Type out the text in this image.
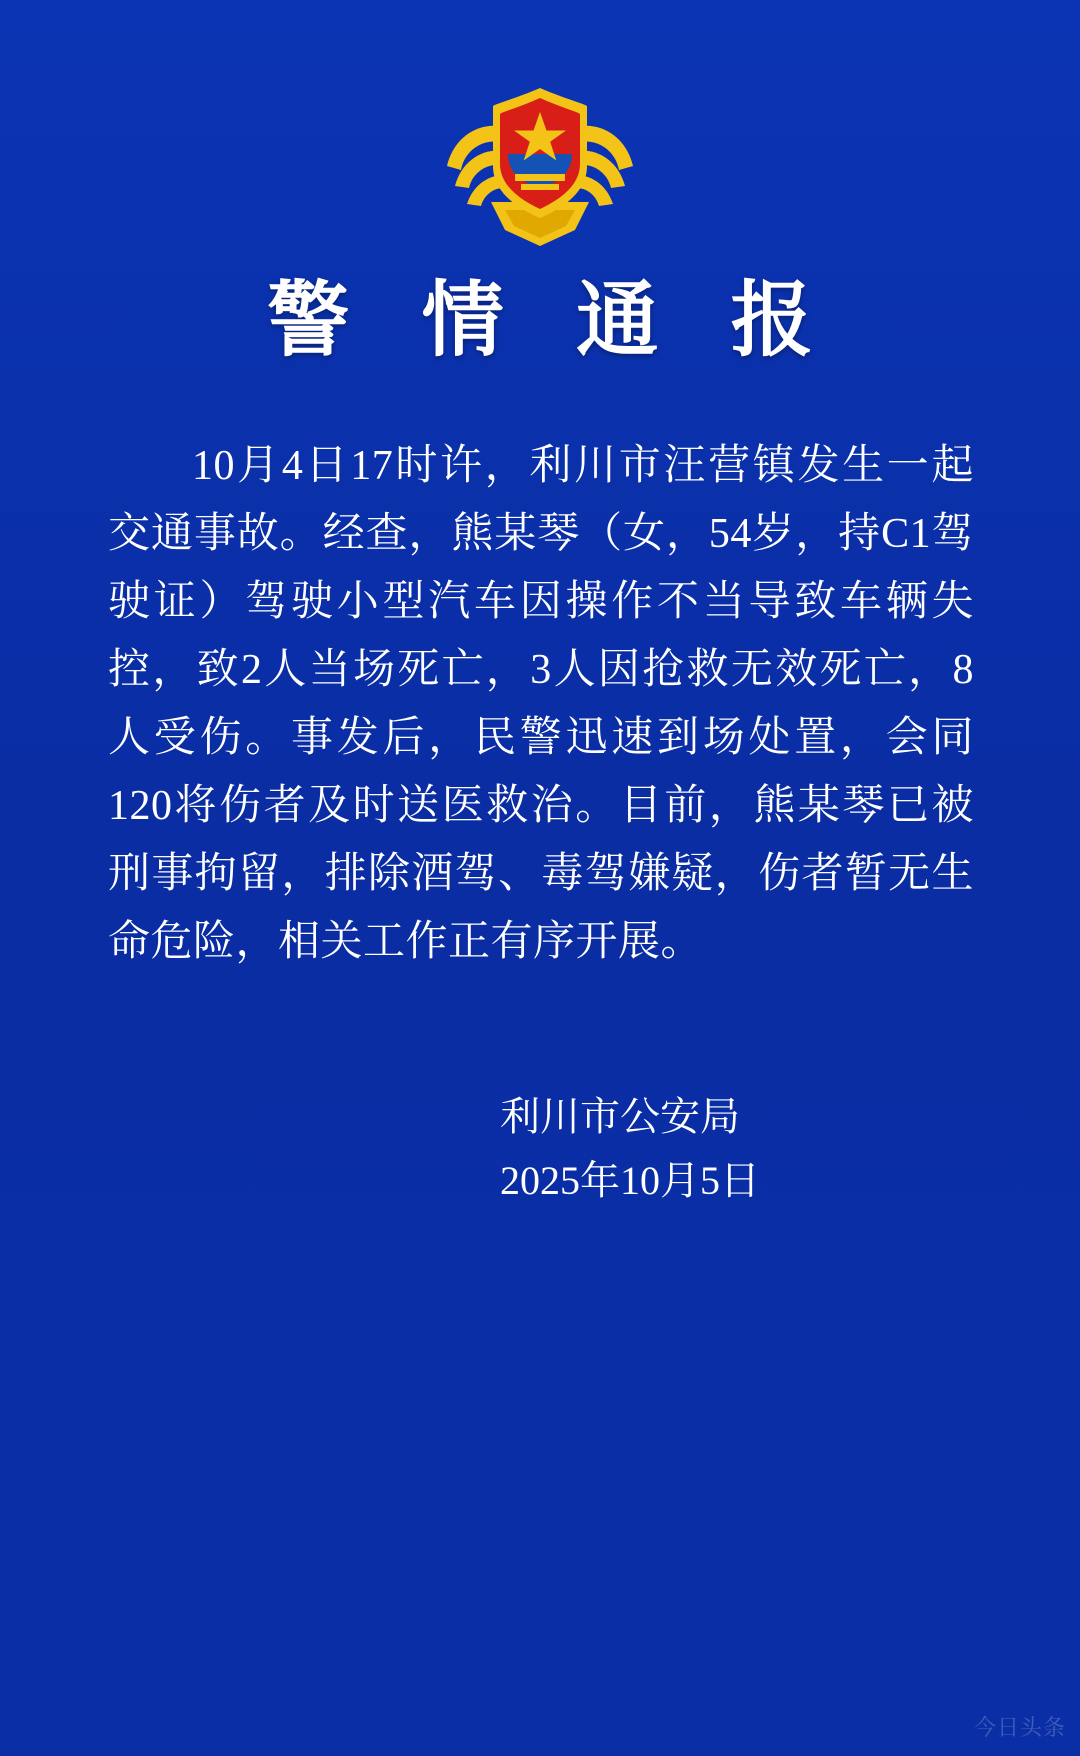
警 情 通 报
10月4日17时许，利川市汪营镇发生一起交通事故。经查，熊某琴（女，54岁，持C1驾驶证）驾驶小型汽车因操作不当导致车辆失控，致2人当场死亡，3人因抢救无效死亡，8人受伤。事发后，民警迅速到场处置，会同120将伤者及时送医救治。目前，熊某琴已被刑事拘留，排除酒驾、毒驾嫌疑，伤者暂无生命危险，相关工作正有序开展。
利川市公安局
2025年10月5日
今日头条
